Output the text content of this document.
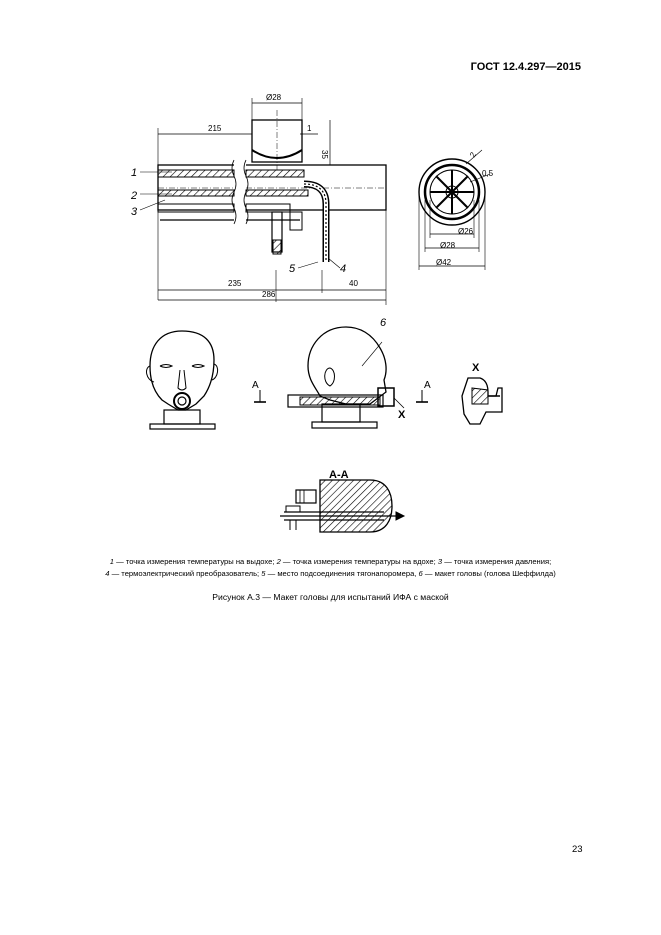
ГОСТ 12.4.297—2015
Ø28
215	1
35
235
286
40
1
2
3
5	4
Ø26
Ø28
Ø42
0,5
2
6
A	A
X
X
A-A
1 — точка измерения температуры на выдохе; 2 — точка измерения температуры на вдохе; 3 — точка измерения давления;
4 — термоэлектрический преобразователь; 5 — место подсоединения тягонапоромера, 6 — макет головы (голова Шеффилда)
Рисунок А.3 — Макет головы для испытаний ИФА с маской
23
